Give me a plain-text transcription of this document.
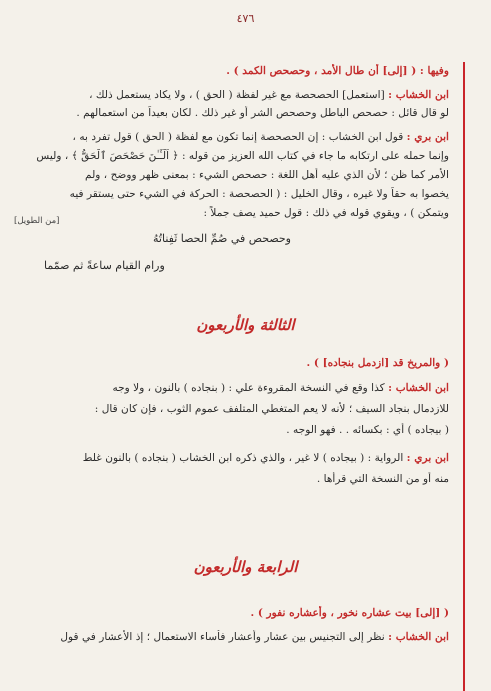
٤٧٦
وفيها : ( [إلى] أن طال الأمد ، وحصحص الكمد ) .
ابن الخشاب : [استعمل] الحصحصة مع غير لفظة ( الحق ) ، ولا يكاد يستعمل ذلك ،
لو قال قائل : حصحص الباطل وحصحص الشر أو غير ذلك . لكان بعيداً من استعمالهم .
ابن بري : قول ابن الخشاب : إن الحصحصة إنما تكون مع لفظة ( الحق ) قول تفرد به ،
وإنما حمله على ارتكابه ما جاء في كتاب الله العزيز من قوله : ﴿ اَلْـَٔـٰنَ حَصْحَصَ ٱلْحَقُّ ﴾ ، وليس
الأمر كما ظن ؛ لأن الذي عليه أهل اللغة : حصحص الشيء : بمعنى ظهر ووضح ، ولم
يخصوا به حقاً ولا غيره ، وقال الخليل : ( الحصحصة : الحركة في الشيء حتى يستقر فيه
ويتمكن ) ، ويقوي قوله في ذلك : قول حميد يصف جملاً :
[من الطويل]
وحصحص في صُمِّ الحصا ثَفِناتُهُ
ورام القيام ساعةً ثم صمّما
الثالثة والأربعون
( والمريخ قد [ازدمل بنجاده] ) .
ابن الخشاب : كذا وقع في النسخة المقروءة علي : ( بنجاده ) بالنون ، ولا وجه
للازدمال بنجاد السيف ؛ لأنه لا يعم المتغطي المتلفف عموم الثوب ، فإن كان قال :
( بيجاده ) أي : بكسائه . . فهو الوجه .
ابن بري : الرواية : ( بيجاده ) لا غير ، والذي ذكره ابن الخشاب ( بنجاده ) بالنون غلط
منه أو من النسخة التي قرأها .
الرابعة والأربعون
( [إلى] بيت عشاره نخور ، وأعشاره نفور ) .
ابن الخشاب : نظر إلى التجنيس بين عشار وأعشار فأساء الاستعمال ؛ إذ الأعشار في قول
